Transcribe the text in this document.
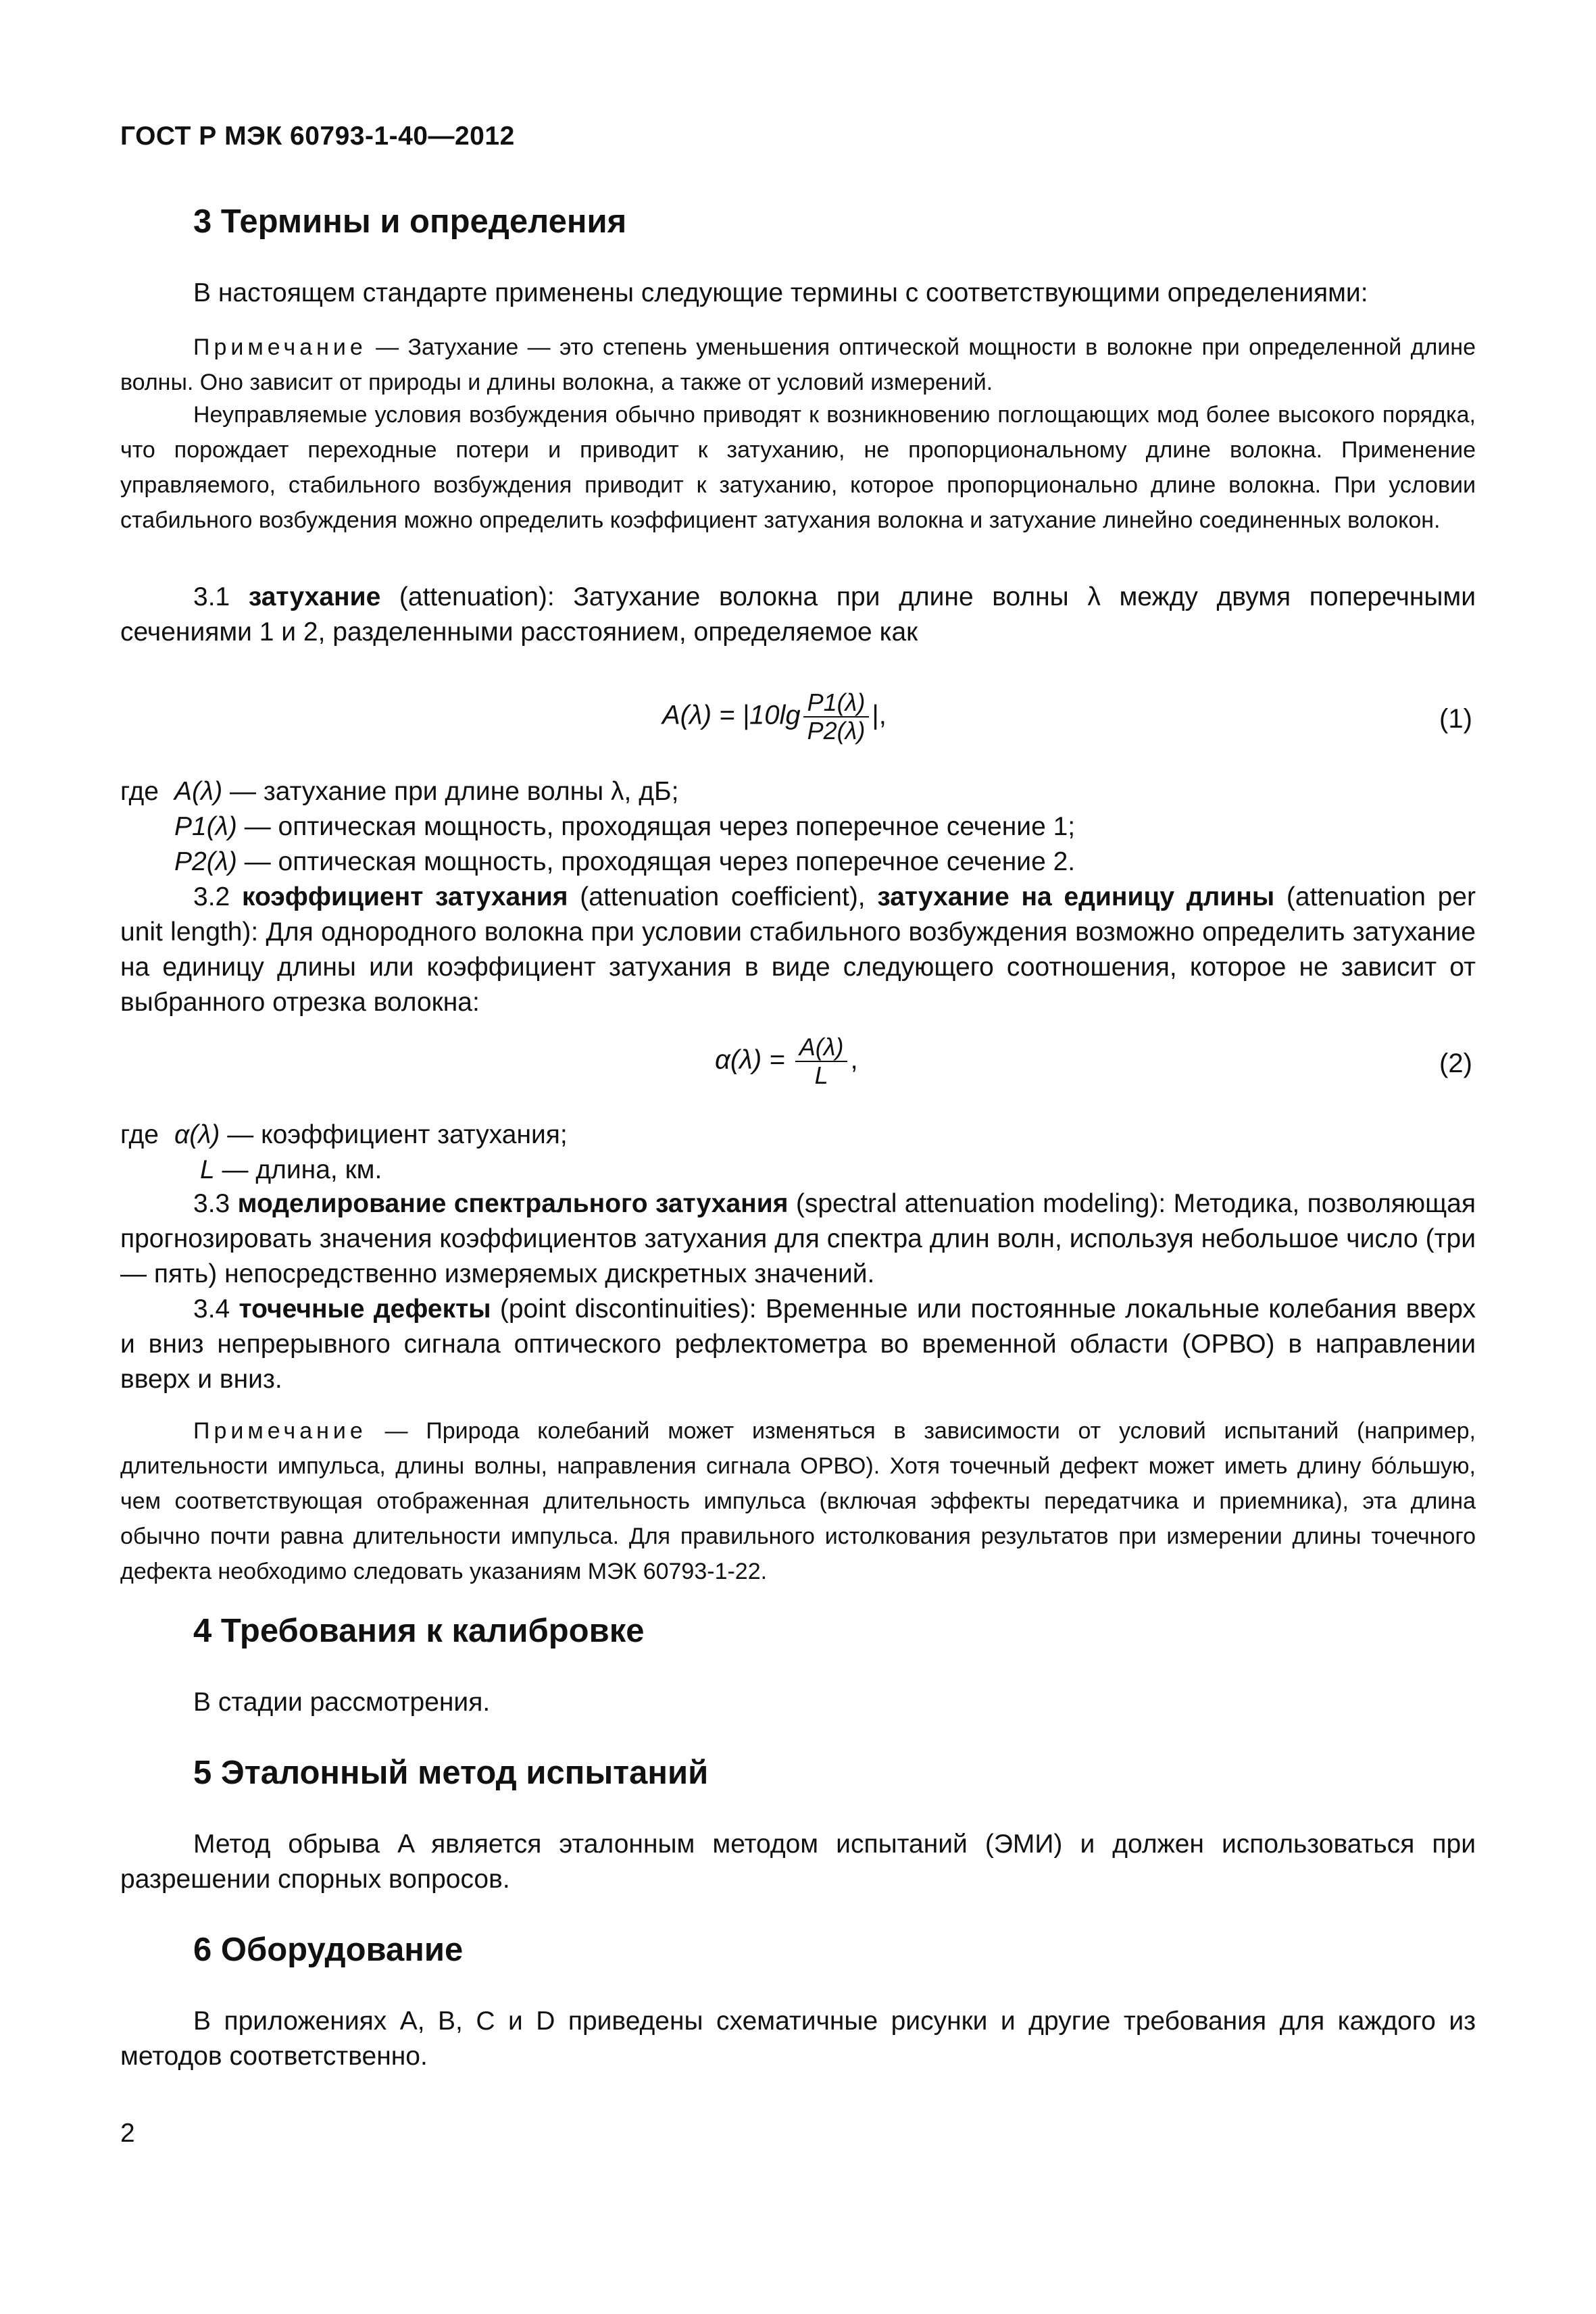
ГОСТ Р МЭК 60793-1-40—2012
3 Термины и определения
В настоящем стандарте применены следующие термины с соответствующими определениями:
Примечание — Затухание — это степень уменьшения оптической мощности в волокне при определенной длине волны. Оно зависит от природы и длины волокна, а также от условий измерений.
Неуправляемые условия возбуждения обычно приводят к возникновению поглощающих мод более высокого порядка, что порождает переходные потери и приводит к затуханию, не пропорциональному длине волокна. Применение управляемого, стабильного возбуждения приводит к затуханию, которое пропорционально длине волокна. При условии стабильного возбуждения можно определить коэффициент затухания волокна и затухание линейно соединенных волокон.
3.1 затухание (attenuation): Затухание волокна при длине волны λ между двумя поперечными сечениями 1 и 2, разделенными расстоянием, определяемое как
$A(\lambda) = |10\lg \frac{P1(\lambda)}{P2(\lambda)}$ |,	(1)
где A(λ) — затухание при длине волны λ, дБ;
P1(λ) — оптическая мощность, проходящая через поперечное сечение 1;
P2(λ) — оптическая мощность, проходящая через поперечное сечение 2.
3.2 коэффициент затухания (attenuation coefficient), затухание на единицу длины (attenuation per unit length): Для однородного волокна при условии стабильного возбуждения возможно определить затухание на единицу длины или коэффициент затухания в виде следующего соотношения, которое не зависит от выбранного отрезка волокна:
$\alpha(\lambda) = \frac{A(\lambda)}{L}$ ,	(2)
где α(λ) — коэффициент затухания;
L — длина, км.
3.3 моделирование спектрального затухания (spectral attenuation modeling): Методика, позволяющая прогнозировать значения коэффициентов затухания для спектра длин волн, используя небольшое число (три — пять) непосредственно измеряемых дискретных значений.
3.4 точечные дефекты (point discontinuities): Временные или постоянные локальные колебания вверх и вниз непрерывного сигнала оптического рефлектометра во временной области (ОРВО) в направлении вверх и вниз.
Примечание — Природа колебаний может изменяться в зависимости от условий испытаний (например, длительности импульса, длины волны, направления сигнала ОРВО). Хотя точечный дефект может иметь длину бо́льшую, чем соответствующая отображенная длительность импульса (включая эффекты передатчика и приемника), эта длина обычно почти равна длительности импульса. Для правильного истолкования результатов при измерении длины точечного дефекта необходимо следовать указаниям МЭК 60793-1-22.
4 Требования к калибровке
В стадии рассмотрения.
5 Эталонный метод испытаний
Метод обрыва A является эталонным методом испытаний (ЭМИ) и должен использоваться при разрешении спорных вопросов.
6 Оборудование
В приложениях A, B, C и D приведены схематичные рисунки и другие требования для каждого из методов соответственно.
2
